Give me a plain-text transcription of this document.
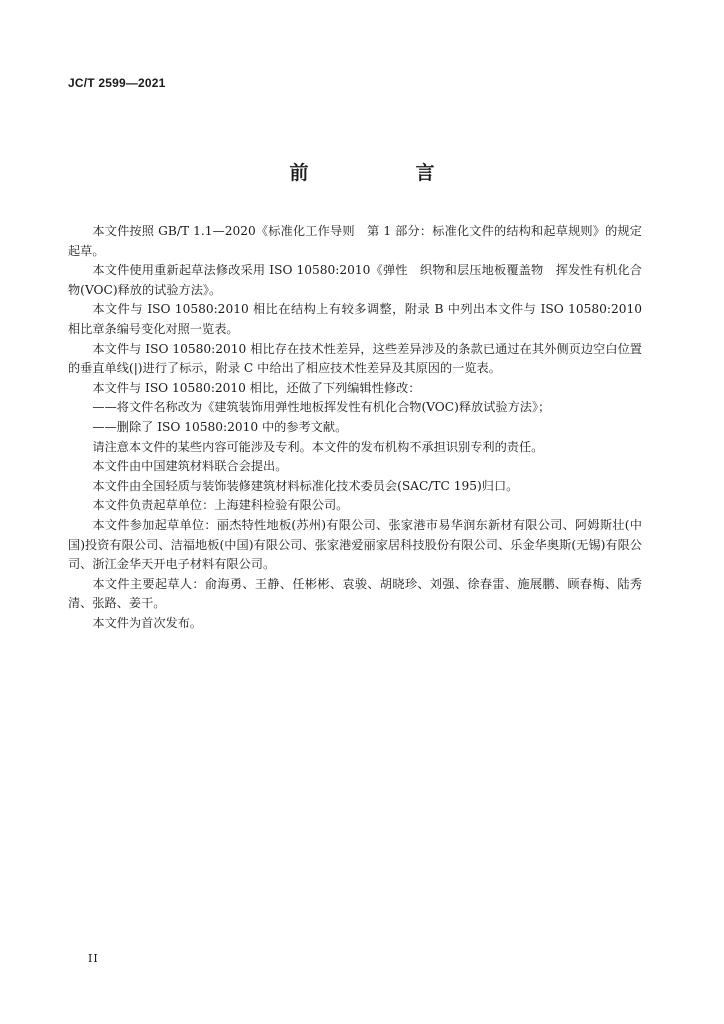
JC/T 2599—2021
前　言

本文件按照 GB/T 1.1—2020《标准化工作导则　第 1 部分：标准化文件的结构和起草规则》的规定起草。

本文件使用重新起草法修改采用 ISO 10580:2010《弹性　织物和层压地板覆盖物　挥发性有机化合物(VOC)释放的试验方法》。

本文件与 ISO 10580:2010 相比在结构上有较多调整，附录 B 中列出本文件与 ISO 10580:2010 相比章条编号变化对照一览表。

本文件与 ISO 10580:2010 相比存在技术性差异，这些差异涉及的条款已通过在其外侧页边空白位置的垂直单线(|)进行了标示，附录 C 中给出了相应技术性差异及其原因的一览表。

本文件与 ISO 10580:2010 相比，还做了下列编辑性修改：

——将文件名称改为《建筑装饰用弹性地板挥发性有机化合物(VOC)释放试验方法》；

——删除了 ISO 10580:2010 中的参考文献。

请注意本文件的某些内容可能涉及专利。本文件的发布机构不承担识别专利的责任。

本文件由中国建筑材料联合会提出。

本文件由全国轻质与装饰装修建筑材料标准化技术委员会(SAC/TC 195)归口。

本文件负责起草单位：上海建科检验有限公司。

本文件参加起草单位：丽杰特性地板(苏州)有限公司、张家港市易华润东新材有限公司、阿姆斯壮(中国)投资有限公司、洁福地板(中国)有限公司、张家港爱丽家居科技股份有限公司、乐金华奥斯(无锡)有限公司、浙江金华天开电子材料有限公司。

本文件主要起草人：俞海勇、王静、任彬彬、袁骏、胡晓珍、刘强、徐春雷、施展鹏、顾春梅、陆秀清、张路、姜干。

本文件为首次发布。

II
